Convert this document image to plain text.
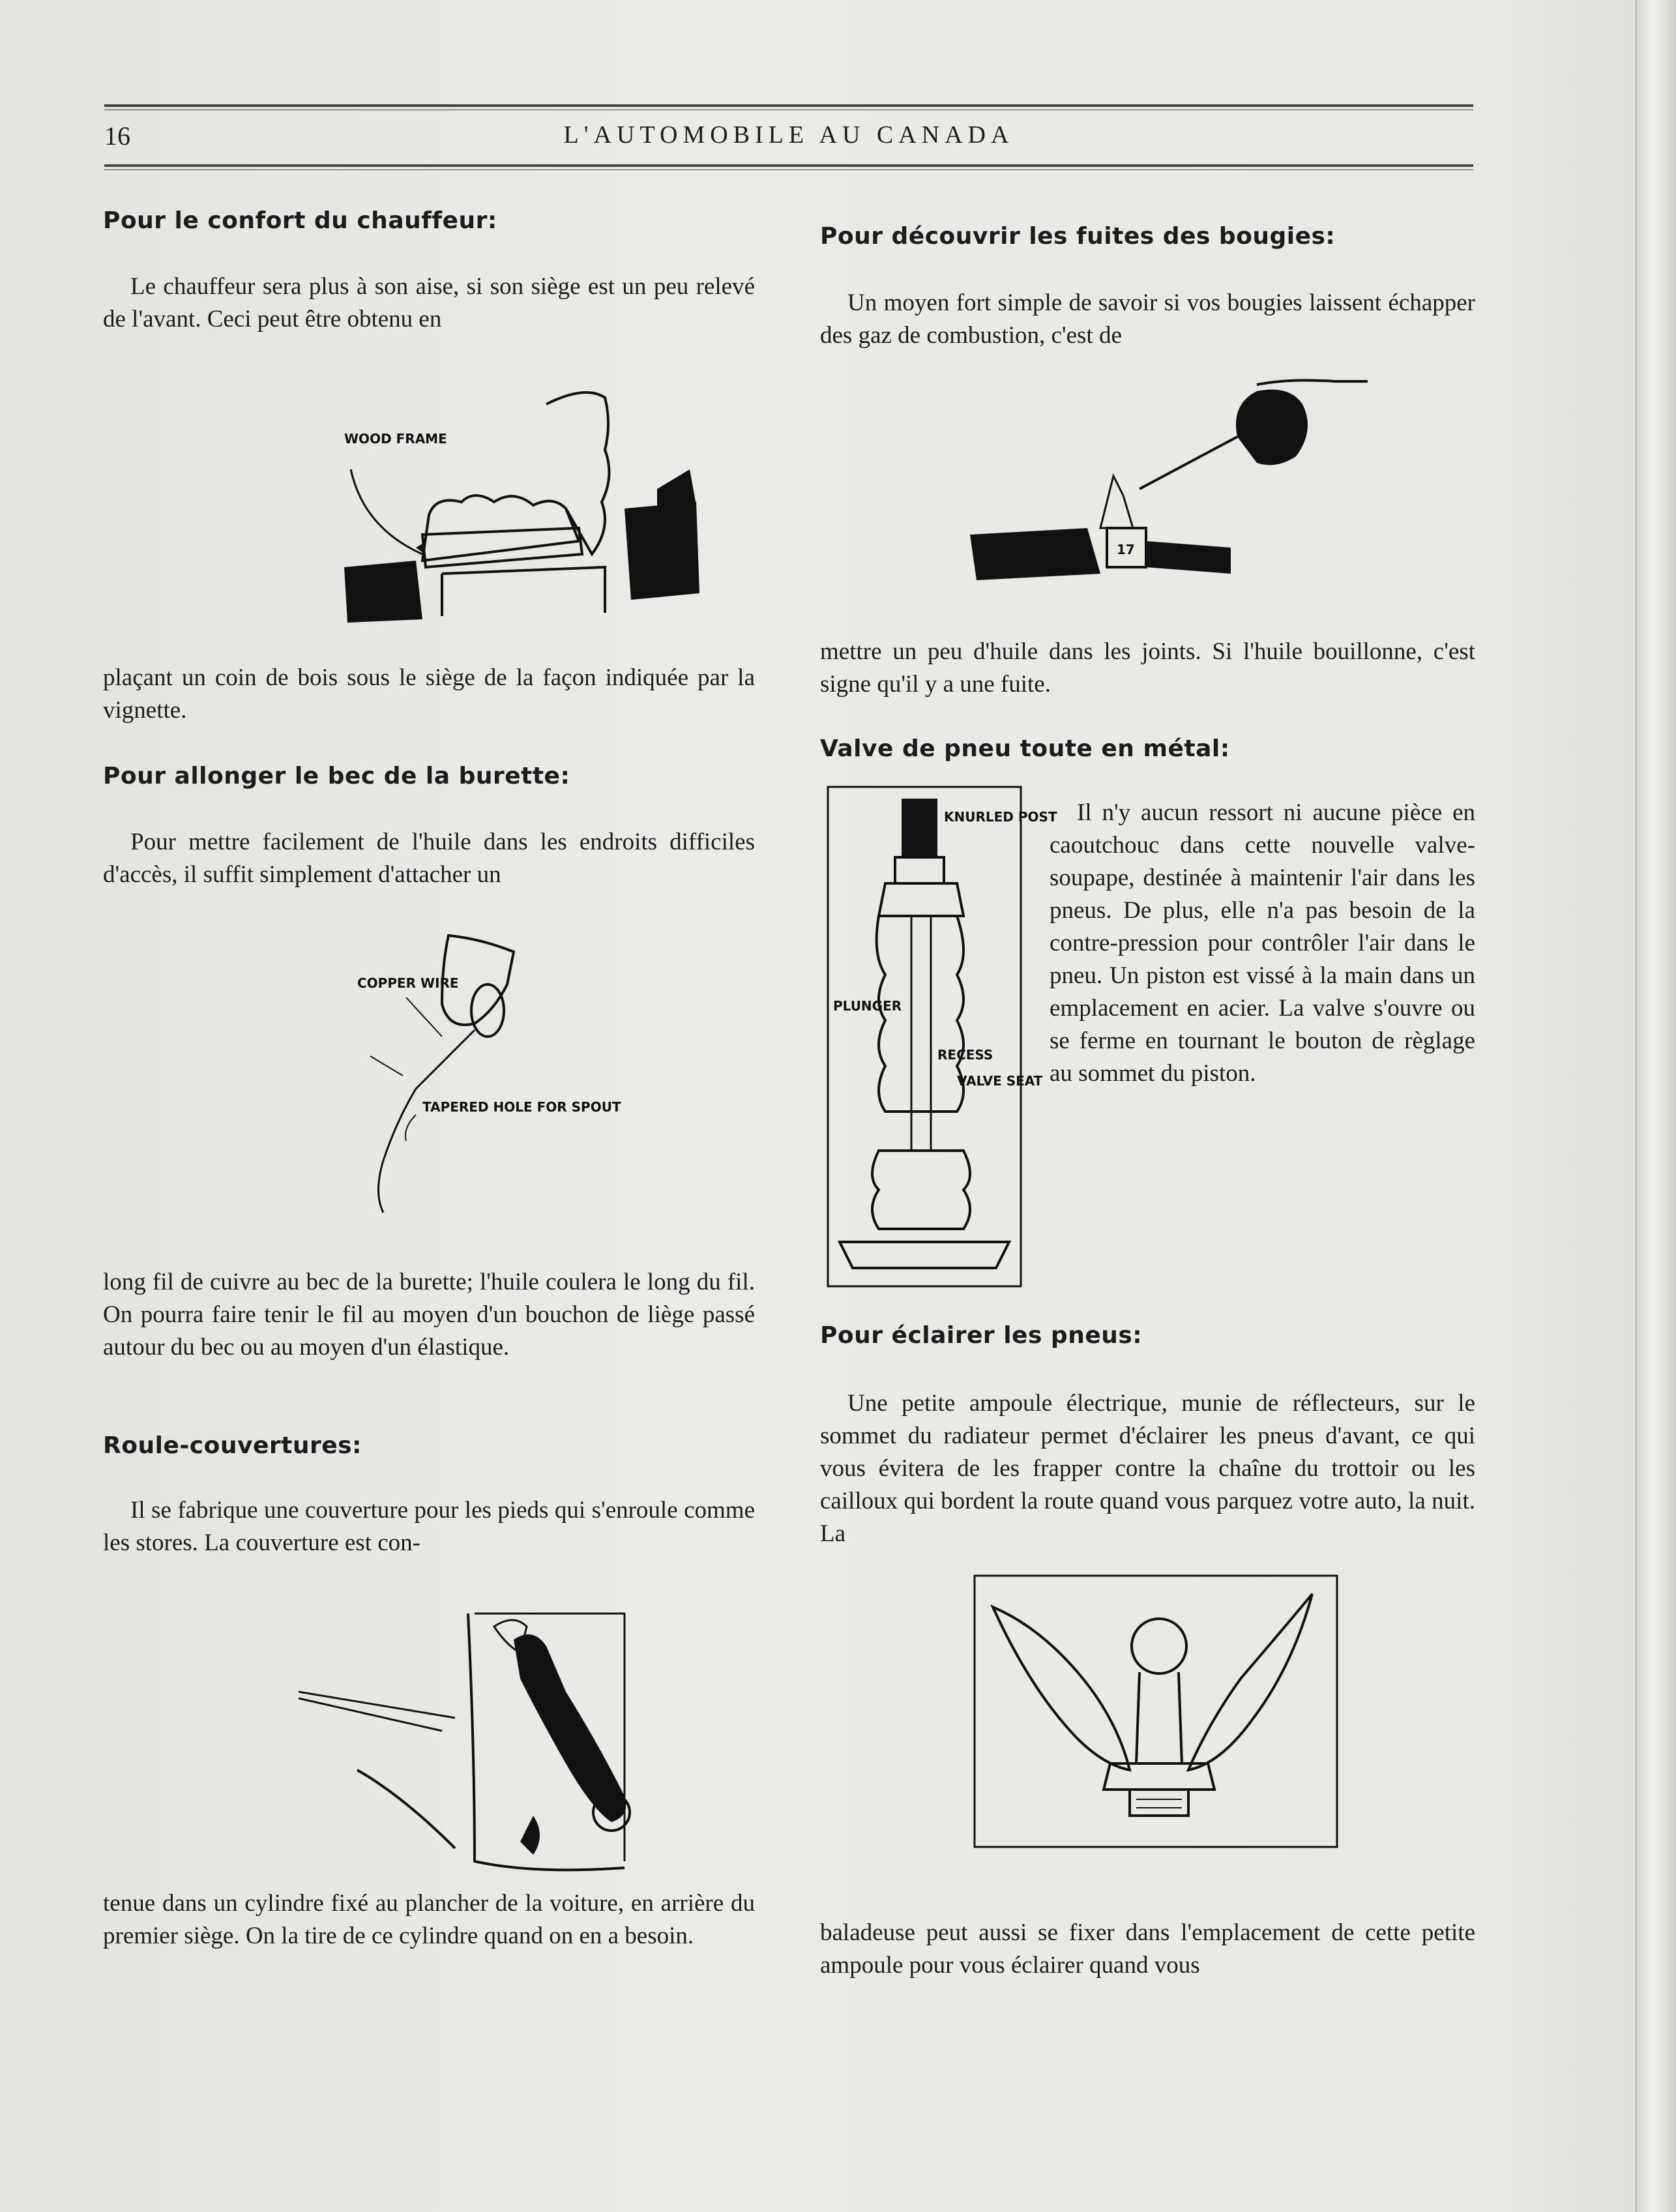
16	L'AUTOMOBILE AU CANADA
Pour le confort du chauffeur:

Le chauffeur sera plus à son aise, si son siège est un peu relevé de l'avant. Ceci peut être obtenu en

WOOD FRAME

plaçant un coin de bois sous le siège de la façon indiquée par la vignette.

Pour allonger le bec de la burette:

Pour mettre facilement de l'huile dans les endroits difficiles d'accès, il suffit simplement d'attacher un

COPPER WIRE
TAPERED HOLE FOR SPOUT

long fil de cuivre au bec de la burette; l'huile coulera le long du fil. On pourra faire tenir le fil au moyen d'un bouchon de liège passé autour du bec ou au moyen d'un élastique.

Roule-couvertures:

Il se fabrique une couverture pour les pieds qui s'enroule comme les stores. La couverture est con-

tenue dans un cylindre fixé au plancher de la voiture, en arrière du premier siège. On la tire de ce cylindre quand on en a besoin.

Pour découvrir les fuites des bougies:

Un moyen fort simple de savoir si vos bougies laissent échapper des gaz de combustion, c'est de

17

mettre un peu d'huile dans les joints. Si l'huile bouillonne, c'est signe qu'il y a une fuite.

Valve de pneu toute en métal:
KNURLED POST
PLUNGER
RECESS
VALVE SEAT

Il n'y aucun ressort ni aucune pièce en caoutchouc dans cette nouvelle valve-soupape, destinée à maintenir l'air dans les pneus. De plus, elle n'a pas besoin de la contre-pression pour contrôler l'air dans le pneu. Un piston est vissé à la main dans un emplacement en acier. La valve s'ouvre ou se ferme en tournant le bouton de règlage au sommet du piston.

Pour éclairer les pneus:

Une petite ampoule électrique, munie de réflecteurs, sur le sommet du radiateur permet d'éclairer les pneus d'avant, ce qui vous évitera de les frapper contre la chaîne du trottoir ou les cailloux qui bordent la route quand vous parquez votre auto, la nuit. La

baladeuse peut aussi se fixer dans l'emplacement de cette petite ampoule pour vous éclairer quand vous
